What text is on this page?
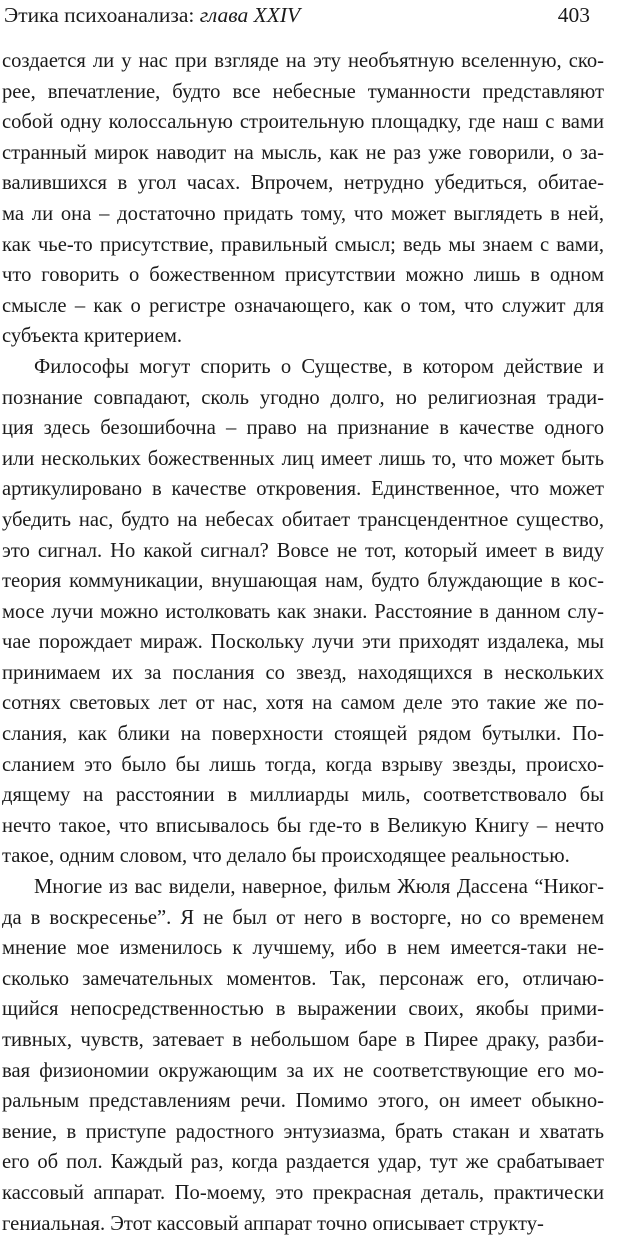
Этика психоанализа: глава XXIV	403
создается ли у нас при взгляде на эту необъятную вселенную, ско-
рее, впечатление, будто все небесные туманности представляют
собой одну колоссальную строительную площадку, где наш с вами
странный мирок наводит на мысль, как не раз уже говорили, о за-
валившихся в угол часах. Впрочем, нетрудно убедиться, обитае-
ма ли она – достаточно придать тому, что может выглядеть в ней,
как чье-то присутствие, правильный смысл; ведь мы знаем с вами,
что говорить о божественном присутствии можно лишь в одном
смысле – как о регистре означающего, как о том, что служит для
субъекта критерием.
Философы могут спорить о Существе, в котором действие и
познание совпадают, сколь угодно долго, но религиозная тради-
ция здесь безошибочна – право на признание в качестве одного
или нескольких божественных лиц имеет лишь то, что может быть
артикулировано в качестве откровения. Единственное, что может
убедить нас, будто на небесах обитает трансцендентное существо,
это сигнал. Но какой сигнал? Вовсе не тот, который имеет в виду
теория коммуникации, внушающая нам, будто блуждающие в кос-
мосе лучи можно истолковать как знаки. Расстояние в данном слу-
чае порождает мираж. Поскольку лучи эти приходят издалека, мы
принимаем их за послания со звезд, находящихся в нескольких
сотнях световых лет от нас, хотя на самом деле это такие же по-
слания, как блики на поверхности стоящей рядом бутылки. По-
сланием это было бы лишь тогда, когда взрыву звезды, происхо-
дящему на расстоянии в миллиарды миль, соответствовало бы
нечто такое, что вписывалось бы где-то в Великую Книгу – нечто
такое, одним словом, что делало бы происходящее реальностью.
Многие из вас видели, наверное, фильм Жюля Дассена “Никог-
да в воскресенье”. Я не был от него в восторге, но со временем
мнение мое изменилось к лучшему, ибо в нем имеется-таки не-
сколько замечательных моментов. Так, персонаж его, отличаю-
щийся непосредственностью в выражении своих, якобы прими-
тивных, чувств, затевает в небольшом баре в Пирее драку, разби-
вая физиономии окружающим за их не соответствующие его мо-
ральным представлениям речи. Помимо этого, он имеет обыкно-
вение, в приступе радостного энтузиазма, брать стакан и хватать
его об пол. Каждый раз, когда раздается удар, тут же срабатывает
кассовый аппарат. По-моему, это прекрасная деталь, практически
гениальная. Этот кассовый аппарат точно описывает структу-
